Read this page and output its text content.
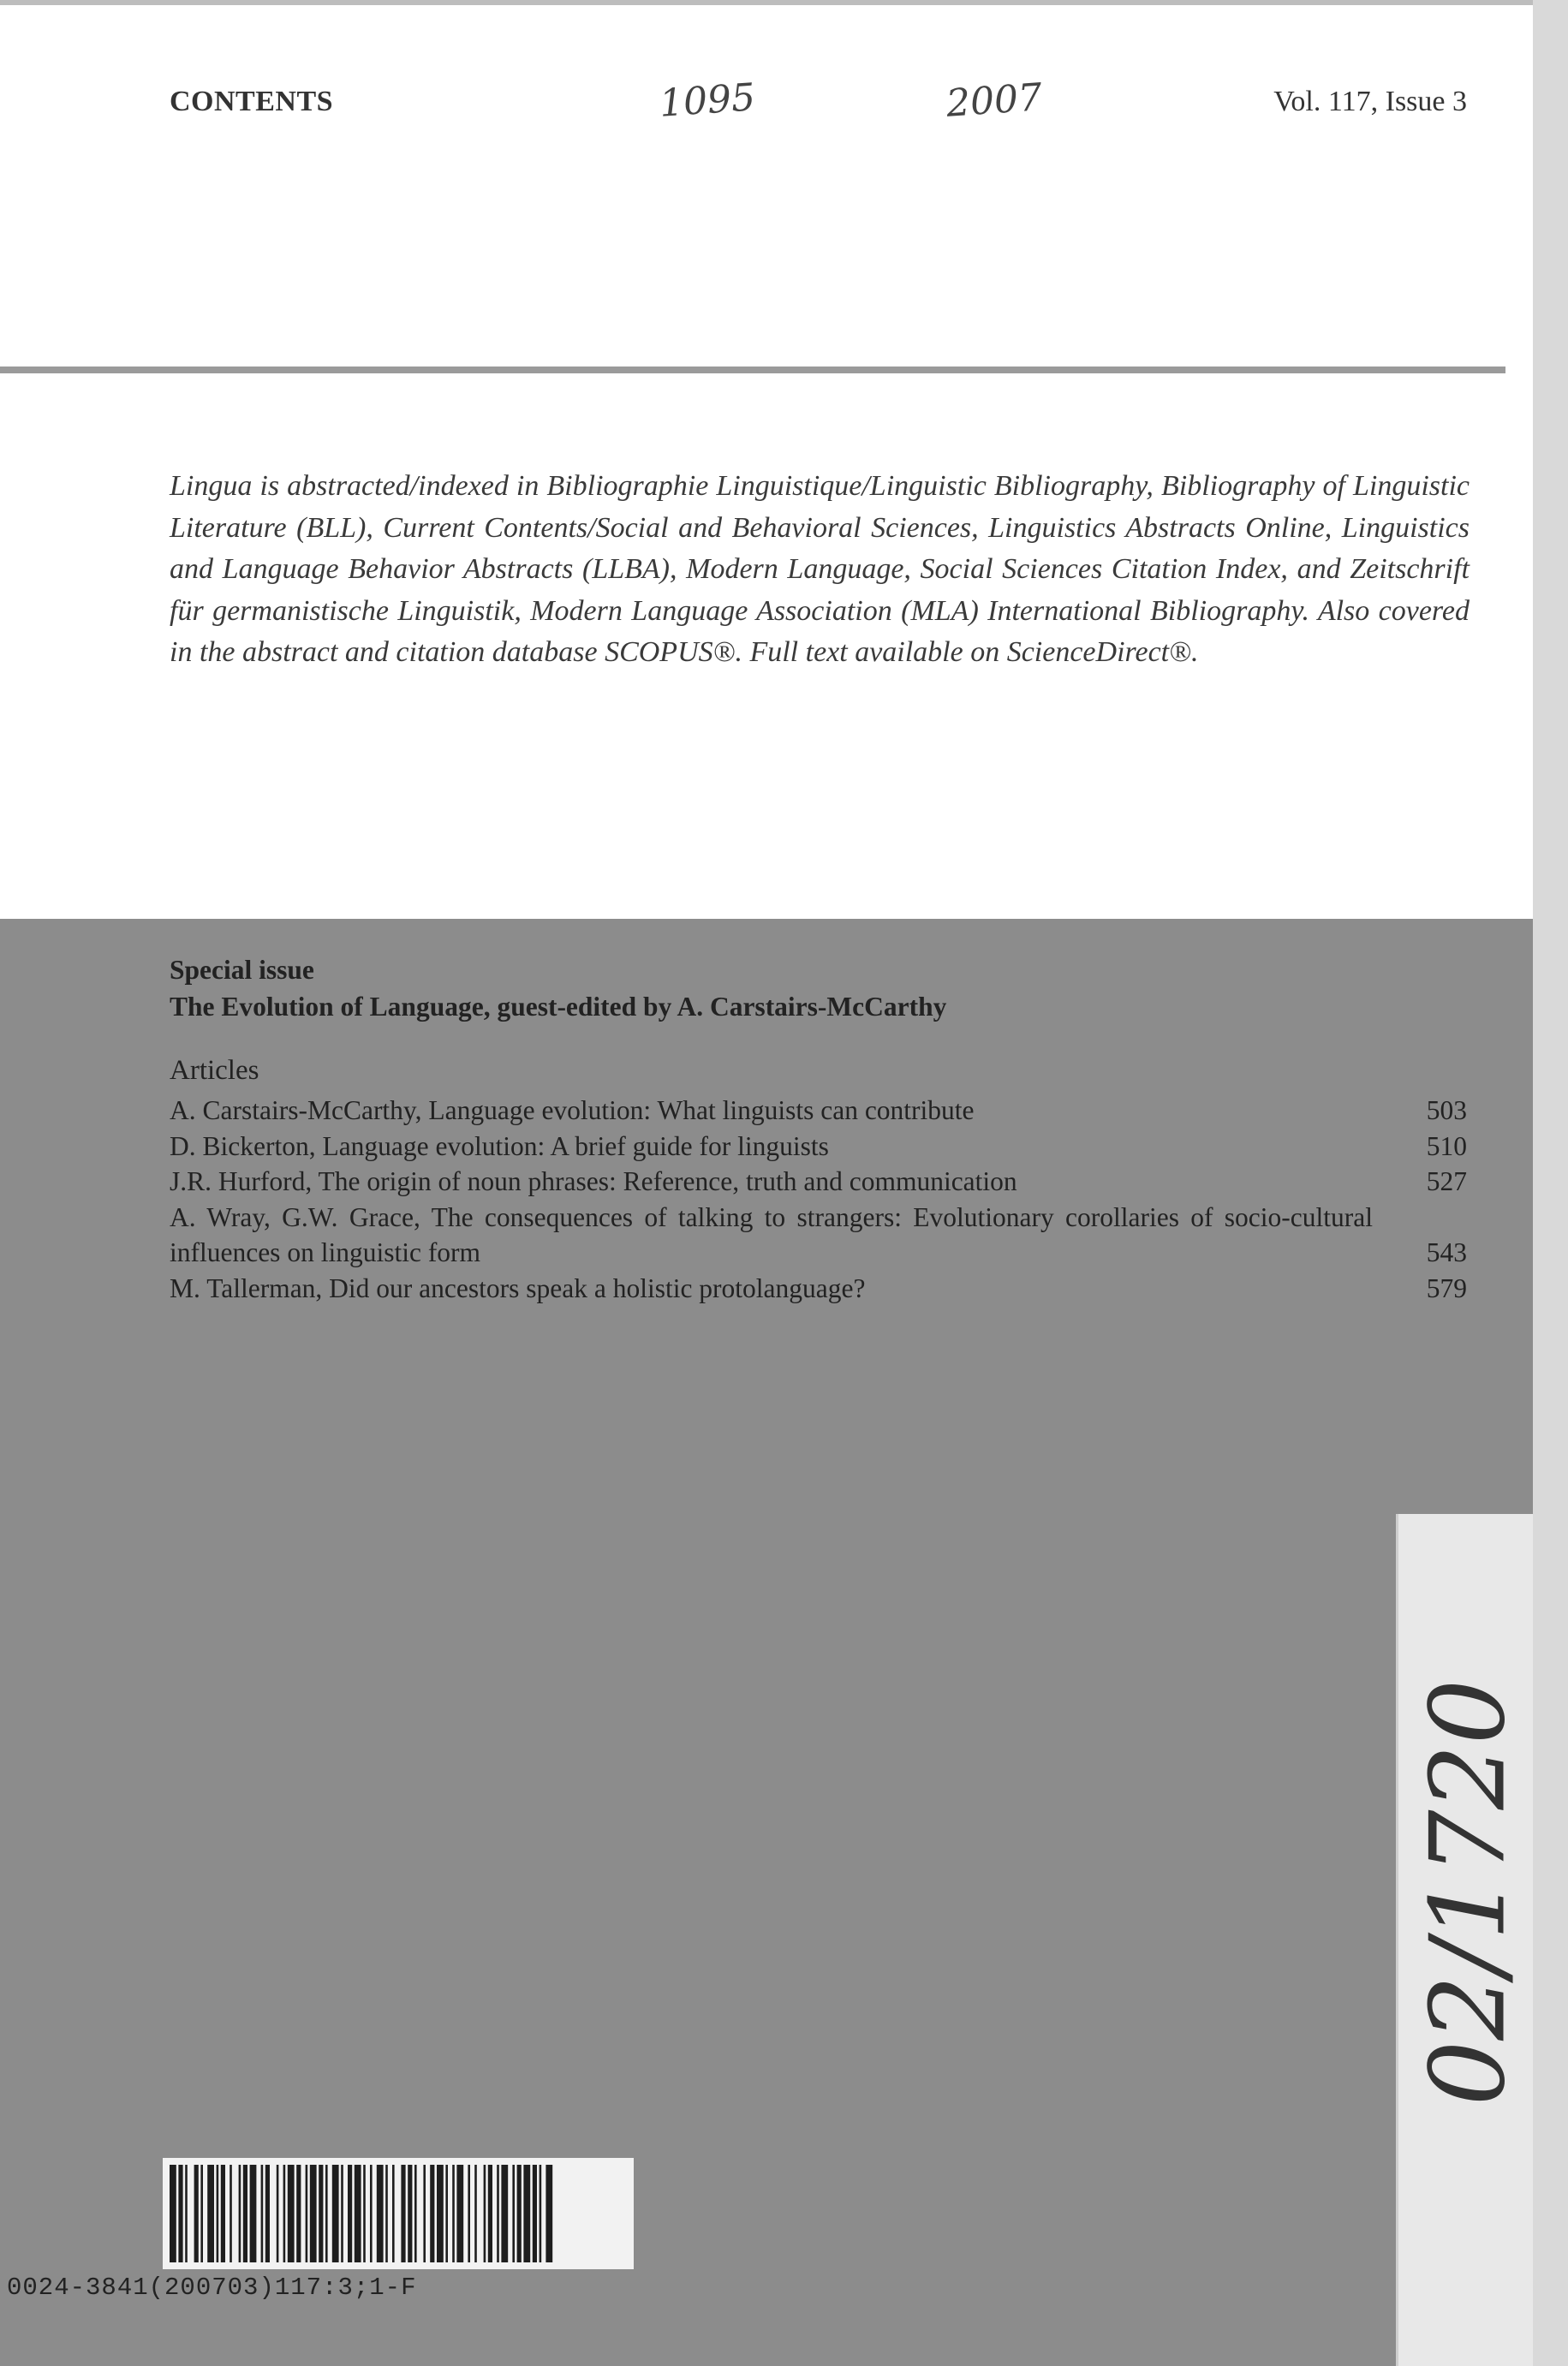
CONTENTS	1095	2007	Vol. 117, Issue 3

Lingua is abstracted/indexed in Bibliographie Linguistique/Linguistic Bibliography, Bibliography of Linguistic Literature (BLL), Current Contents/Social and Behavioral Sciences, Linguistics Abstracts Online, Linguistics and Language Behavior Abstracts (LLBA), Modern Language, Social Sciences Citation Index, and Zeitschrift für germanistische Linguistik, Modern Language Association (MLA) International Bibliography. Also covered in the abstract and citation database SCOPUS®. Full text available on ScienceDirect®.

Special issue
The Evolution of Language, guest-edited by A. Carstairs-McCarthy
Articles
A. Carstairs-McCarthy, Language evolution: What linguists can contribute	503
D. Bickerton, Language evolution: A brief guide for linguists	510
J.R. Hurford, The origin of noun phrases: Reference, truth and communication	527
A. Wray, G.W. Grace, The consequences of talking to strangers: Evolutionary corollaries of socio-cultural influences on linguistic form	543
M. Tallerman, Did our ancestors speak a holistic protolanguage?	579
02/1720
0024-3841(200703)117:3;1-F
